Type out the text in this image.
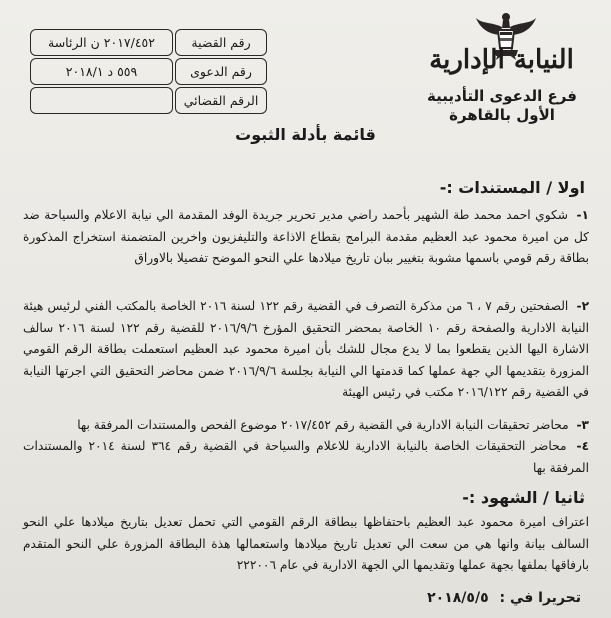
رقم القضية
٢٠١٧/٤٥٢ ن الرئاسة
رقم الدعوى
٥٥٩ د ٢٠١٨/١
الرقم القضائي
النيابة الإدارية
فرع الدعوى التأديبية
الأول بالقاهرة
قائمة بأدلة الثبوت
اولا / المستندات :-
١- شكوي احمد محمد طة الشهير بأحمد راضي مدير تحرير جريدة الوفد المقدمة الي نيابة الاعلام والسياحة ضد كل من اميرة محمود عبد العظيم مقدمة البرامج بقطاع الاذاعة والتليفزيون واخرين المتضمنة استخراج المذكورة بطاقة رقم قومي باسمها مشوبة بتغيير ببان تاريخ ميلادها علي النحو الموضح تفصيلا بالاوراق
٢- الصفحتين رقم ٧ ، ٦ من مذكرة التصرف في القضية رقم ١٢٢ لسنة ٢٠١٦ الخاصة بالمكتب الفني لرئيس هيئة النيابة الادارية والصفحة رقم ١٠ الخاصة بمحضر التحقيق المؤرخ ٢٠١٦/٩/٦ للقضية رقم ١٢٢ لسنة ٢٠١٦ سالف الاشارة اليها الذين يقطعوا بما لا يدع مجال للشك بأن اميرة محمود عبد العظيم استعملت بطاقة الرقم القومي المزورة بتقديمها الي جهة عملها كما قدمتها الي النيابة بجلسة ٢٠١٦/٩/٦ ضمن محاضر التحقيق التي اجرتها النيابة في القضية رقم ٢٠١٦/١٢٢ مكتب في رئيس الهيئة
٣- محاضر تحقيقات النيابة الادارية في القضية رقم ٢٠١٧/٤٥٢ موضوع الفحص والمستندات المرفقة بها
٤- محاضر التحقيقات الخاصة بالنيابة الادارية للاعلام والسياحة في القضية رقم ٣٦٤ لسنة ٢٠١٤ والمستندات المرفقة بها
ثانيا / الشهود :-
اعتراف اميرة محمود عبد العظيم باحتفاظها ببطاقة الرقم القومي التي تحمل تعديل بتاريخ ميلادها علي النحو السالف بيانة وانها هي من سعت الي تعديل تاريخ ميلادها واستعمالها هذة البطاقة المزورة علي النحو المتقدم بارفاقها بملفها بجهة عملها وتقديمها الي الجهة الادارية في عام ٢٢٢٠٠٦
تحريرا في : ٢٠١٨/٥/٥
